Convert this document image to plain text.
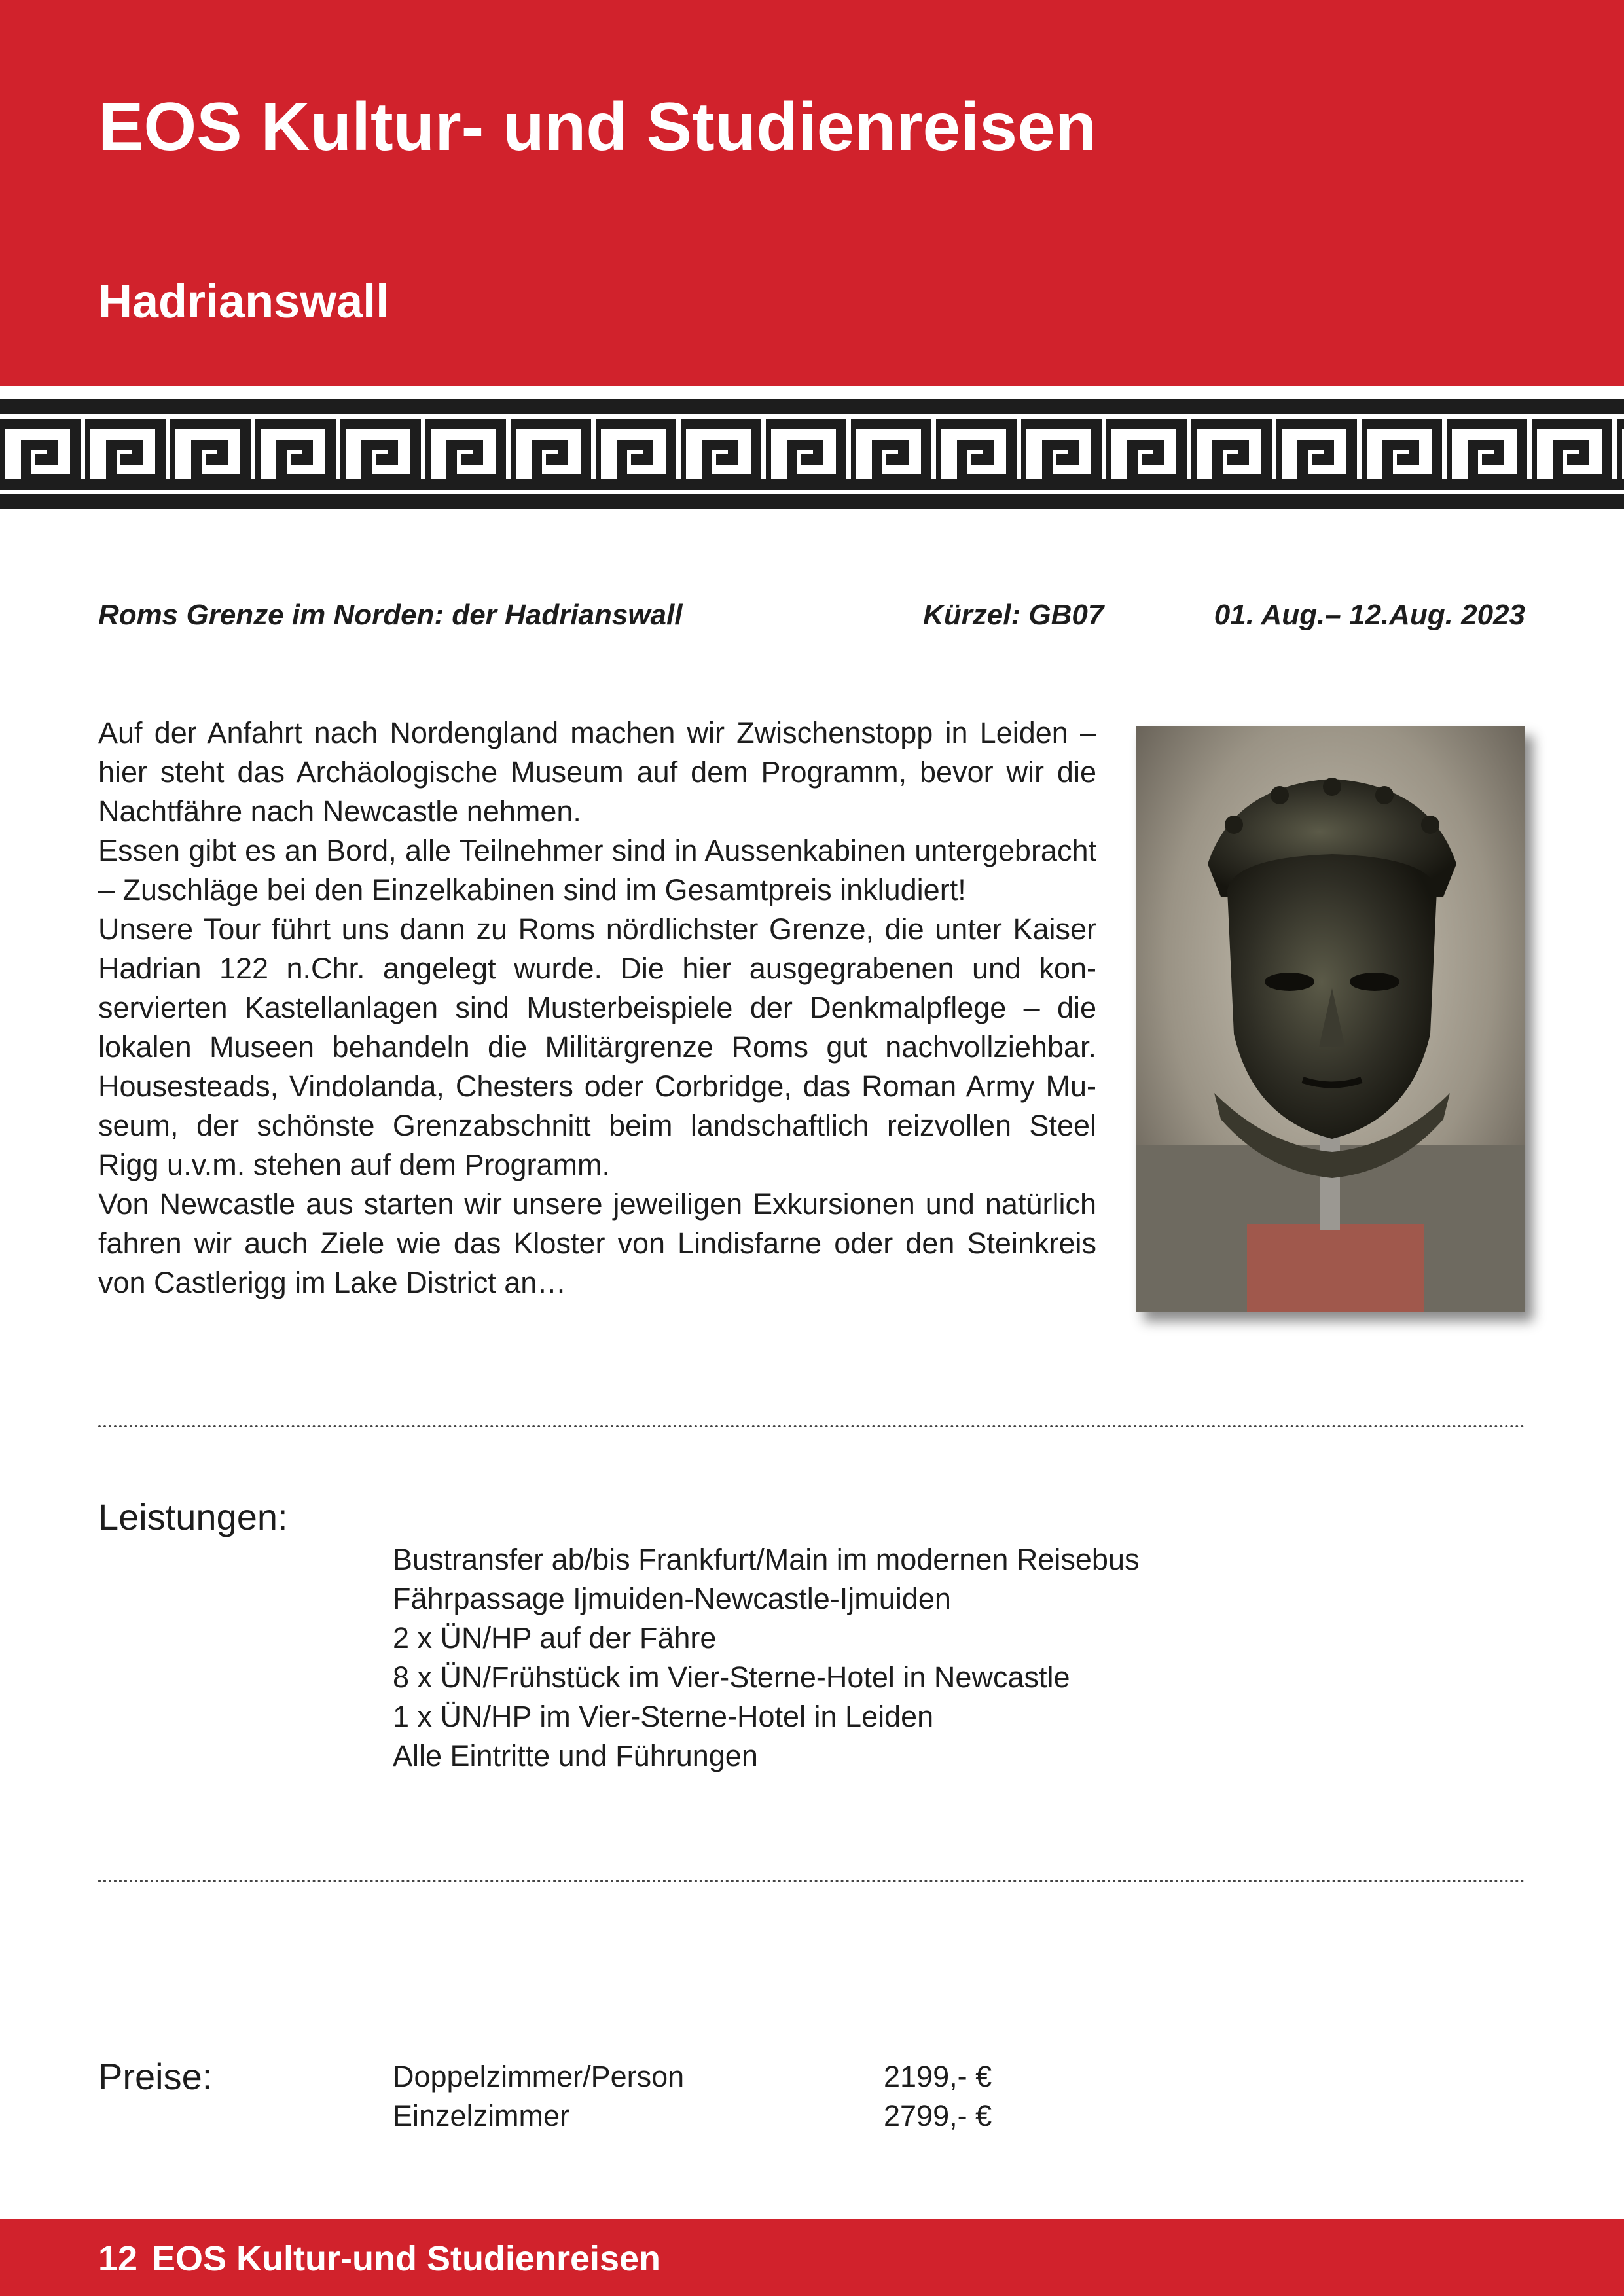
EOS Kultur- und Studienreisen
Hadrianswall
Roms Grenze im Norden: der Hadrianswall	Kürzel: GB07	01. Aug.– 12.Aug. 2023

Auf der Anfahrt nach Nordengland machen wir Zwischenstopp in Leiden – hier steht das Archäologische Museum auf dem Programm, bevor wir die Nachtfähre nach Newcastle nehmen.

Essen gibt es an Bord, alle Teilnehmer sind in Aussenkabinen untergebracht – Zuschläge bei den Einzelkabinen sind im Gesamtpreis inkludiert!

Unsere Tour führt uns dann zu Roms nördlichster Grenze, die unter Kaiser Hadrian 122 n.Chr. angelegt wurde. Die hier ausgegrabenen und konservierten Kastellanlagen sind Musterbeispiele der Denkmalpflege – die lokalen Museen behandeln die Militärgrenze Roms gut nachvollziehbar. Housesteads, Vindolanda, Chesters oder Corbridge, das Roman Army Museum, der schönste Grenzabschnitt beim landschaftlich reizvollen Steel Rigg u.v.m. stehen auf dem Programm.

Von Newcastle aus starten wir unsere jeweiligen Exkursionen und natürlich fahren wir auch Ziele wie das Kloster von Lindisfarne oder den Steinkreis von Castlerigg im Lake District an…

Leistungen:
Bustransfer ab/bis Frankfurt/Main im modernen Reisebus
Fährpassage Ijmuiden-Newcastle-Ijmuiden
2 x ÜN/HP auf der Fähre
8 x ÜN/Frühstück im Vier-Sterne-Hotel in Newcastle
1 x ÜN/HP im Vier-Sterne-Hotel in Leiden
Alle Eintritte und Führungen
Preise:	Doppelzimmer/Person	2199,- €
Einzelzimmer	2799,- €
12 EOS Kultur-und Studienreisen
